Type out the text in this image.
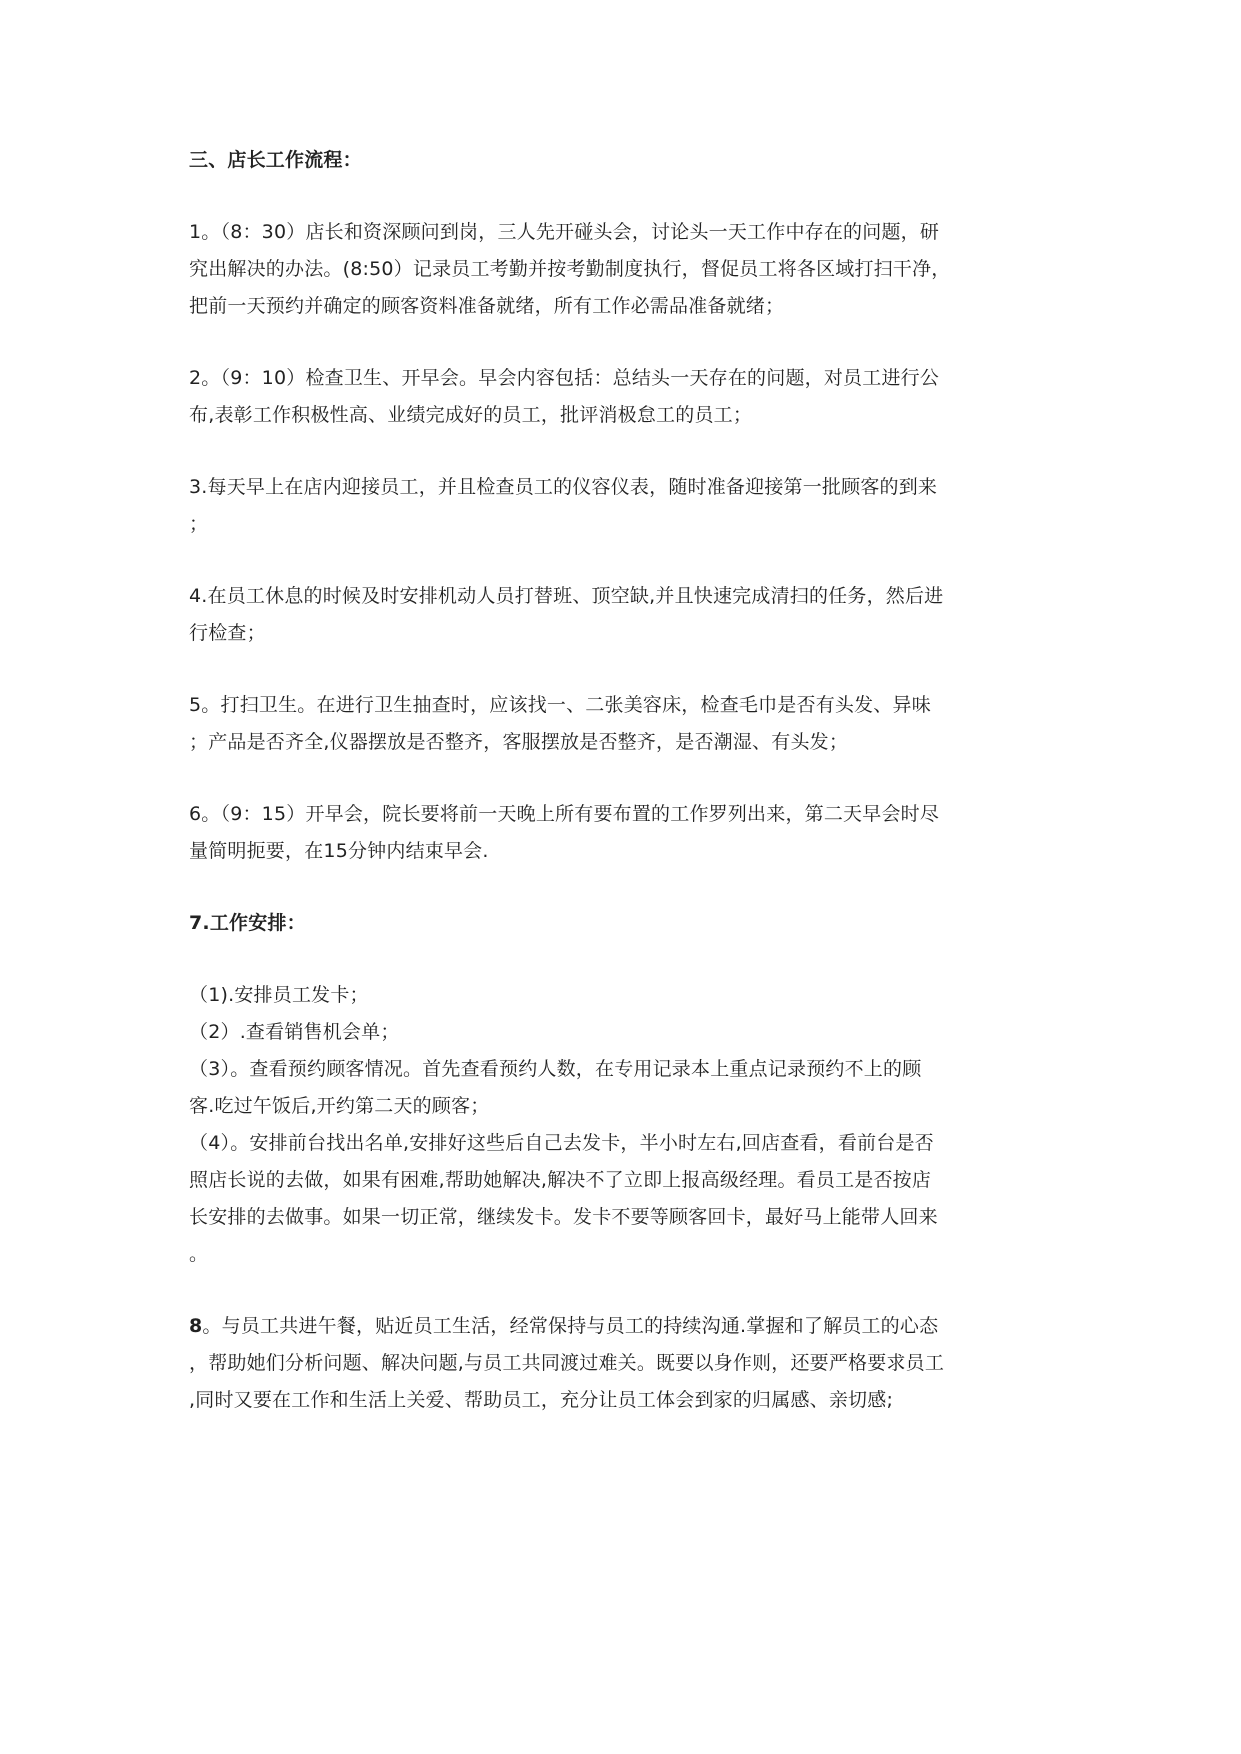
三、店长工作流程：
1。（8：30）店长和资深顾问到岗，三人先开碰头会，讨论头一天工作中存在的问题，研
究出解决的办法。(8:50）记录员工考勤并按考勤制度执行，督促员工将各区域打扫干净，
把前一天预约并确定的顾客资料准备就绪，所有工作必需品准备就绪；
2。（9：10）检查卫生、开早会。早会内容包括：总结头一天存在的问题，对员工进行公
布,表彰工作积极性高、业绩完成好的员工，批评消极怠工的员工；
3.每天早上在店内迎接员工，并且检查员工的仪容仪表，随时准备迎接第一批顾客的到来
；
4.在员工休息的时候及时安排机动人员打替班、顶空缺,并且快速完成清扫的任务，然后进
行检查；
5。打扫卫生。在进行卫生抽查时，应该找一、二张美容床，检查毛巾是否有头发、异味
；产品是否齐全,仪器摆放是否整齐，客服摆放是否整齐，是否潮湿、有头发；
6。（9：15）开早会，院长要将前一天晚上所有要布置的工作罗列出来，第二天早会时尽
量简明扼要，在15分钟内结束早会.
7.工作安排：
（1).安排员工发卡；
（2）.查看销售机会单；
（3）。查看预约顾客情况。首先查看预约人数，在专用记录本上重点记录预约不上的顾
客.吃过午饭后,开约第二天的顾客；
（4）。安排前台找出名单,安排好这些后自己去发卡，半小时左右,回店查看，看前台是否
照店长说的去做，如果有困难,帮助她解决,解决不了立即上报高级经理。看员工是否按店
长安排的去做事。如果一切正常，继续发卡。发卡不要等顾客回卡，最好马上能带人回来
。
8。与员工共进午餐，贴近员工生活，经常保持与员工的持续沟通.掌握和了解员工的心态
，帮助她们分析问题、解决问题,与员工共同渡过难关。既要以身作则，还要严格要求员工
,同时又要在工作和生活上关爱、帮助员工，充分让员工体会到家的归属感、亲切感;
